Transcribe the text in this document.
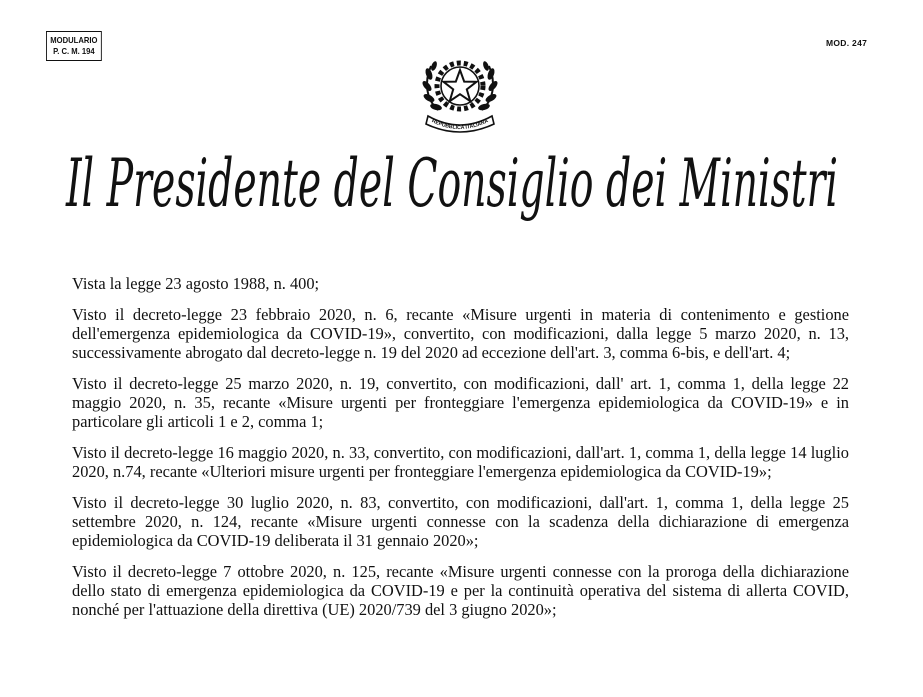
MODULARIO
P. C. M. 194
MOD. 247
REPUBBLICA ITALIANA
Il Presidente del Consiglio dei Ministri

Vista la legge 23 agosto 1988, n. 400;

Visto il decreto-legge 23 febbraio 2020, n. 6, recante «Misure urgenti in materia di contenimento e gestione dell'emergenza epidemiologica da COVID-19», convertito, con modificazioni, dalla legge 5 marzo 2020, n. 13, successivamente abrogato dal decreto-legge n. 19 del 2020 ad eccezione dell'art. 3, comma 6-bis, e dell'art. 4;

Visto il decreto-legge 25 marzo 2020, n. 19, convertito, con modificazioni, dall' art. 1, comma 1, della legge 22 maggio 2020, n. 35, recante «Misure urgenti per fronteggiare l'emergenza epidemiologica da COVID-19» e in particolare gli articoli 1 e 2, comma 1;

Visto il decreto-legge 16 maggio 2020, n. 33, convertito, con modificazioni, dall'art. 1, comma 1, della legge 14 luglio 2020, n.74, recante «Ulteriori misure urgenti per fronteggiare l'emergenza epidemiologica da COVID-19»;

Visto il decreto-legge 30 luglio 2020, n. 83, convertito, con modificazioni, dall'art. 1, comma 1, della legge 25 settembre 2020, n. 124, recante «Misure urgenti connesse con la scadenza della dichiarazione di emergenza epidemiologica da COVID-19 deliberata il 31 gennaio 2020»;

Visto il decreto-legge 7 ottobre 2020, n. 125, recante «Misure urgenti connesse con la proroga della dichiarazione dello stato di emergenza epidemiologica da COVID-19 e per la continuità operativa del sistema di allerta COVID, nonché per l'attuazione della direttiva (UE) 2020/739 del 3 giugno 2020»;
